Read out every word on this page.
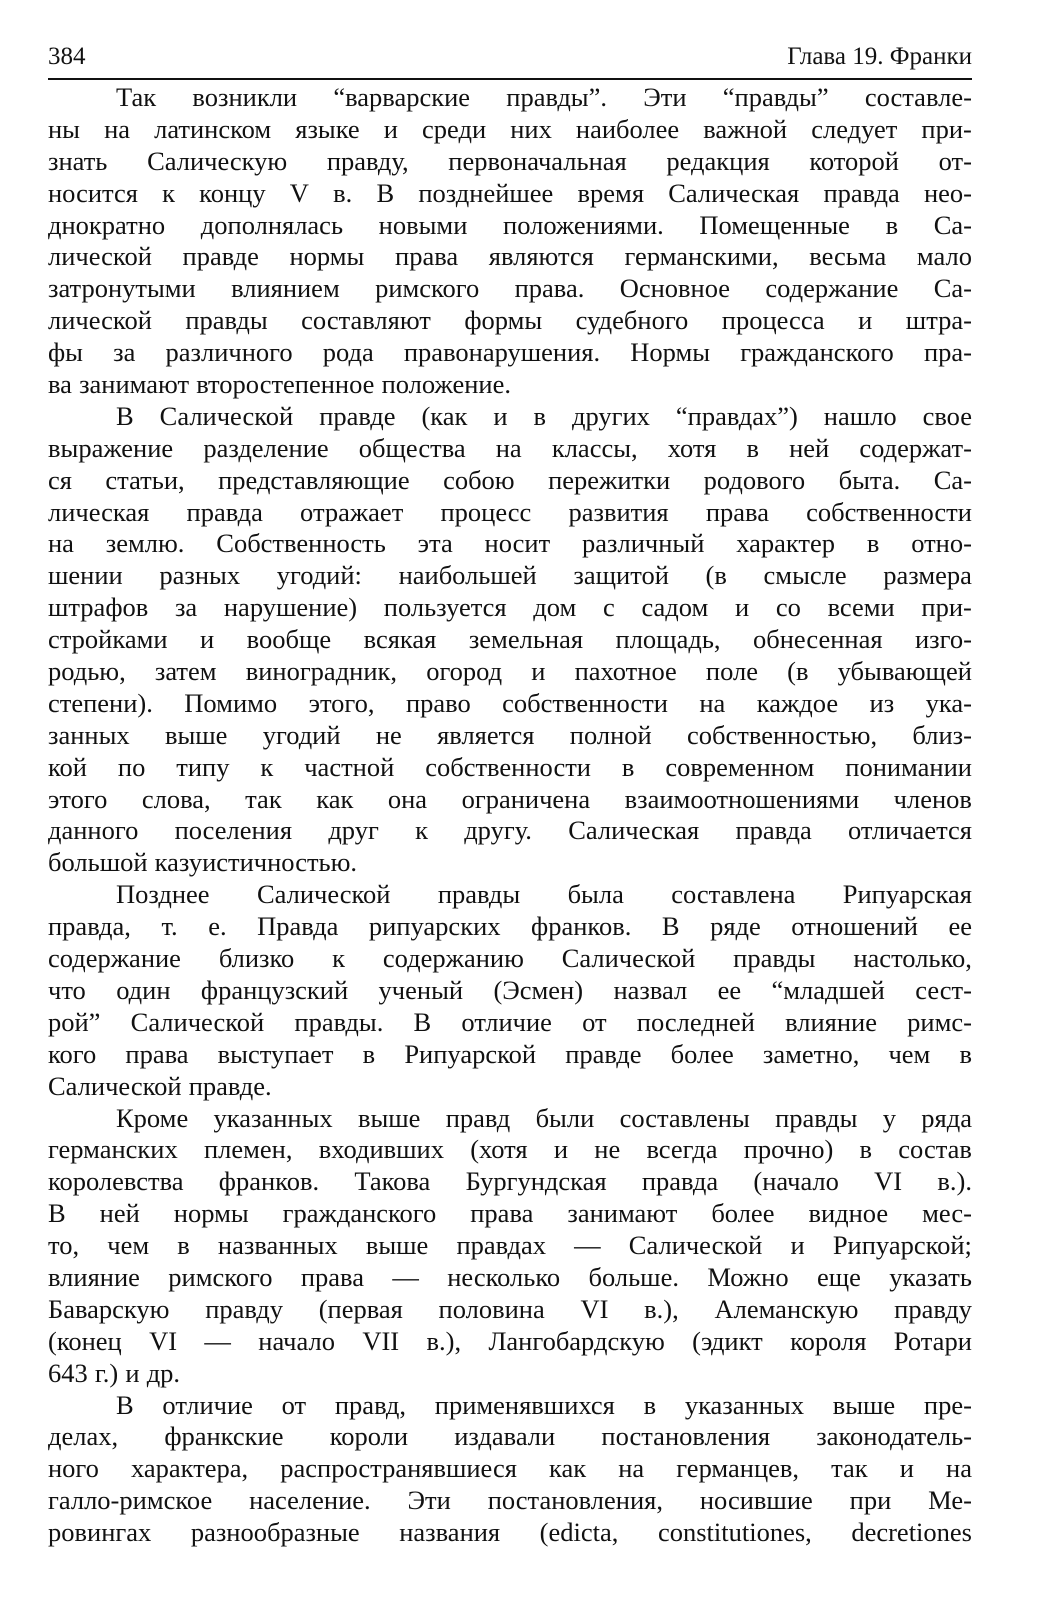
384	Глава 19. Франки
Так возникли “варварские правды”. Эти “правды” составле-
ны на латинском языке и среди них наиболее важной следует при-
знать Салическую правду, первоначальная редакция которой от-
носится к концу V в. В позднейшее время Салическая правда нео-
днократно дополнялась новыми положениями. Помещенные в Са-
лической правде нормы права являются германскими, весьма мало
затронутыми влиянием римского права. Основное содержание Са-
лической правды составляют формы судебного процесса и штра-
фы за различного рода правонарушения. Нормы гражданского пра-
ва занимают второстепенное положение.
В Салической правде (как и в других “правдах”) нашло свое
выражение разделение общества на классы, хотя в ней содержат-
ся статьи, представляющие собою пережитки родового быта. Са-
лическая правда отражает процесс развития права собственности
на землю. Собственность эта носит различный характер в отно-
шении разных угодий: наибольшей защитой (в смысле размера
штрафов за нарушение) пользуется дом с садом и со всеми при-
стройками и вообще всякая земельная площадь, обнесенная изго-
родью, затем виноградник, огород и пахотное поле (в убывающей
степени). Помимо этого, право собственности на каждое из ука-
занных выше угодий не является полной собственностью, близ-
кой по типу к частной собственности в современном понимании
этого слова, так как она ограничена взаимоотношениями членов
данного поселения друг к другу. Салическая правда отличается
большой казуистичностью.
Позднее Салической правды была составлена Рипуарская
правда, т. е. Правда рипуарских франков. В ряде отношений ее
содержание близко к содержанию Салической правды настолько,
что один французский ученый (Эсмен) назвал ее “младшей сест-
рой” Салической правды. В отличие от последней влияние римс-
кого права выступает в Рипуарской правде более заметно, чем в
Салической правде.
Кроме указанных выше правд были составлены правды у ряда
германских племен, входивших (хотя и не всегда прочно) в состав
королевства франков. Такова Бургундская правда (начало VI в.).
В ней нормы гражданского права занимают более видное мес-
то, чем в названных выше правдах — Салической и Рипуарской;
влияние римского права — несколько больше. Можно еще указать
Баварскую правду (первая половина VI в.), Алеманскую правду
(конец VI — начало VII в.), Лангобардскую (эдикт короля Ротари
643 г.) и др.
В отличие от правд, применявшихся в указанных выше пре-
делах, франкские короли издавали постановления законодатель-
ного характера, распространявшиеся как на германцев, так и на
галло-римское население. Эти постановления, носившие при Ме-
ровингах разнообразные названия (edicta, constitutiones, decretiones
